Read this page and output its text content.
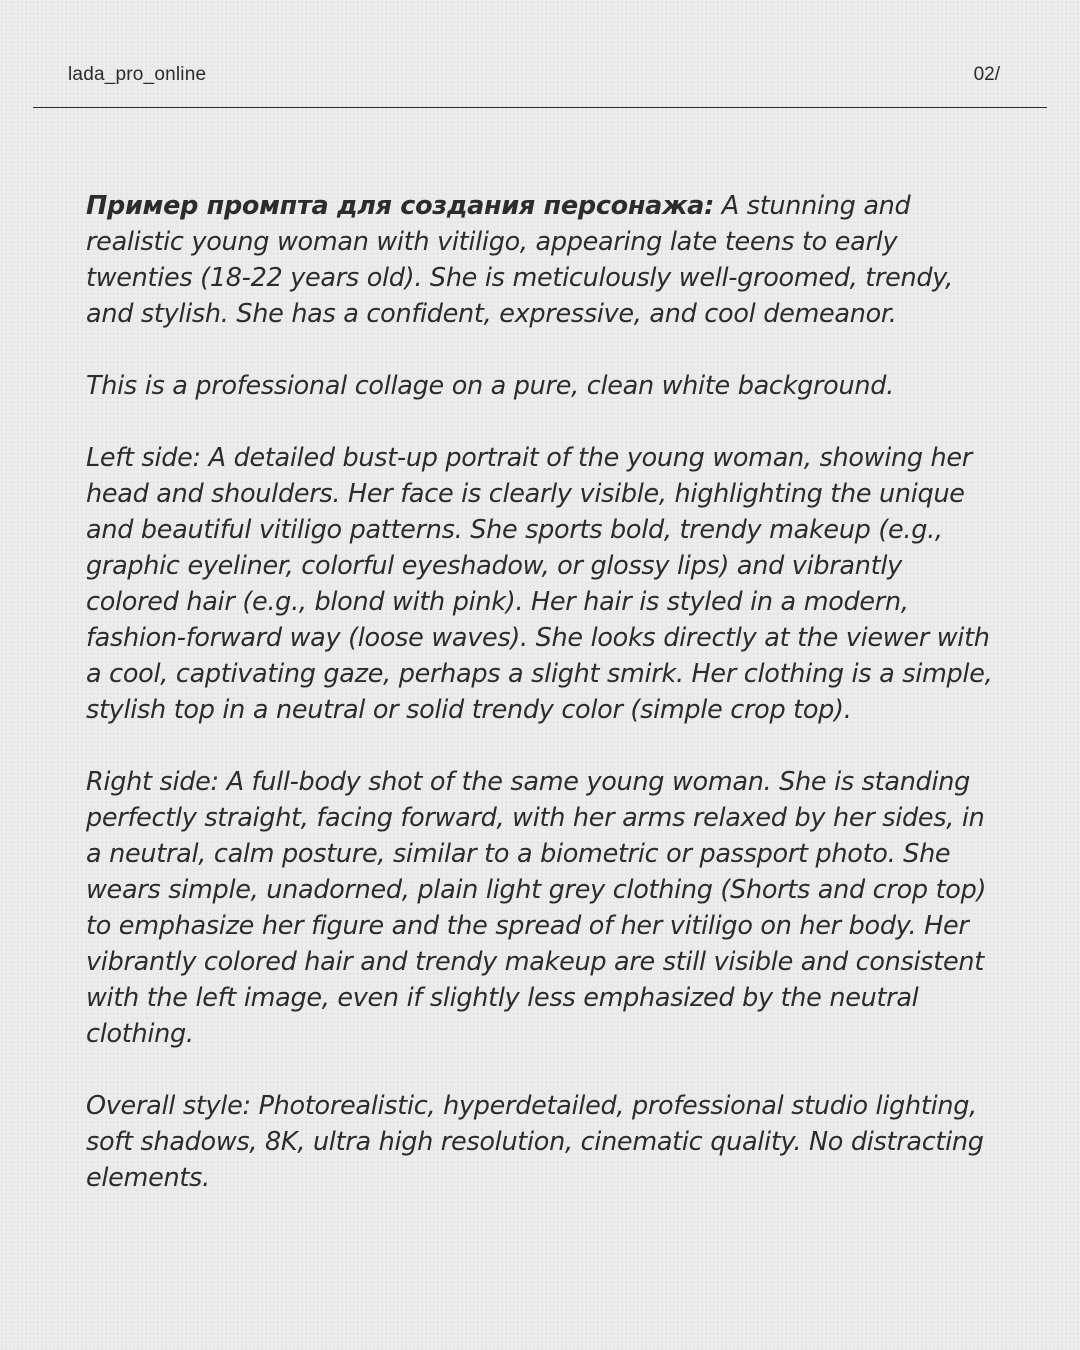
lada_pro_online	02/

Пример промпта для создания персонажа: A stunning and realistic young woman with vitiligo, appearing late teens to early twenties (18-22 years old). She is meticulously well-groomed, trendy, and stylish. She has a confident, expressive, and cool demeanor.

This is a professional collage on a pure, clean white background.

Left side: A detailed bust-up portrait of the young woman, showing her head and shoulders. Her face is clearly visible, highlighting the unique and beautiful vitiligo patterns. She sports bold, trendy makeup (e.g., graphic eyeliner, colorful eyeshadow, or glossy lips) and vibrantly colored hair (e.g., blond with pink). Her hair is styled in a modern, fashion-forward way (loose waves). She looks directly at the viewer with a cool, captivating gaze, perhaps a slight smirk. Her clothing is a simple, stylish top in a neutral or solid trendy color (simple crop top).

Right side: A full-body shot of the same young woman. She is standing perfectly straight, facing forward, with her arms relaxed by her sides, in a neutral, calm posture, similar to a biometric or passport photo. She wears simple, unadorned, plain light grey clothing (Shorts and crop top) to emphasize her figure and the spread of her vitiligo on her body. Her vibrantly colored hair and trendy makeup are still visible and consistent with the left image, even if slightly less emphasized by the neutral clothing.

Overall style: Photorealistic, hyperdetailed, professional studio lighting, soft shadows, 8K, ultra high resolution, cinematic quality. No distracting elements.
